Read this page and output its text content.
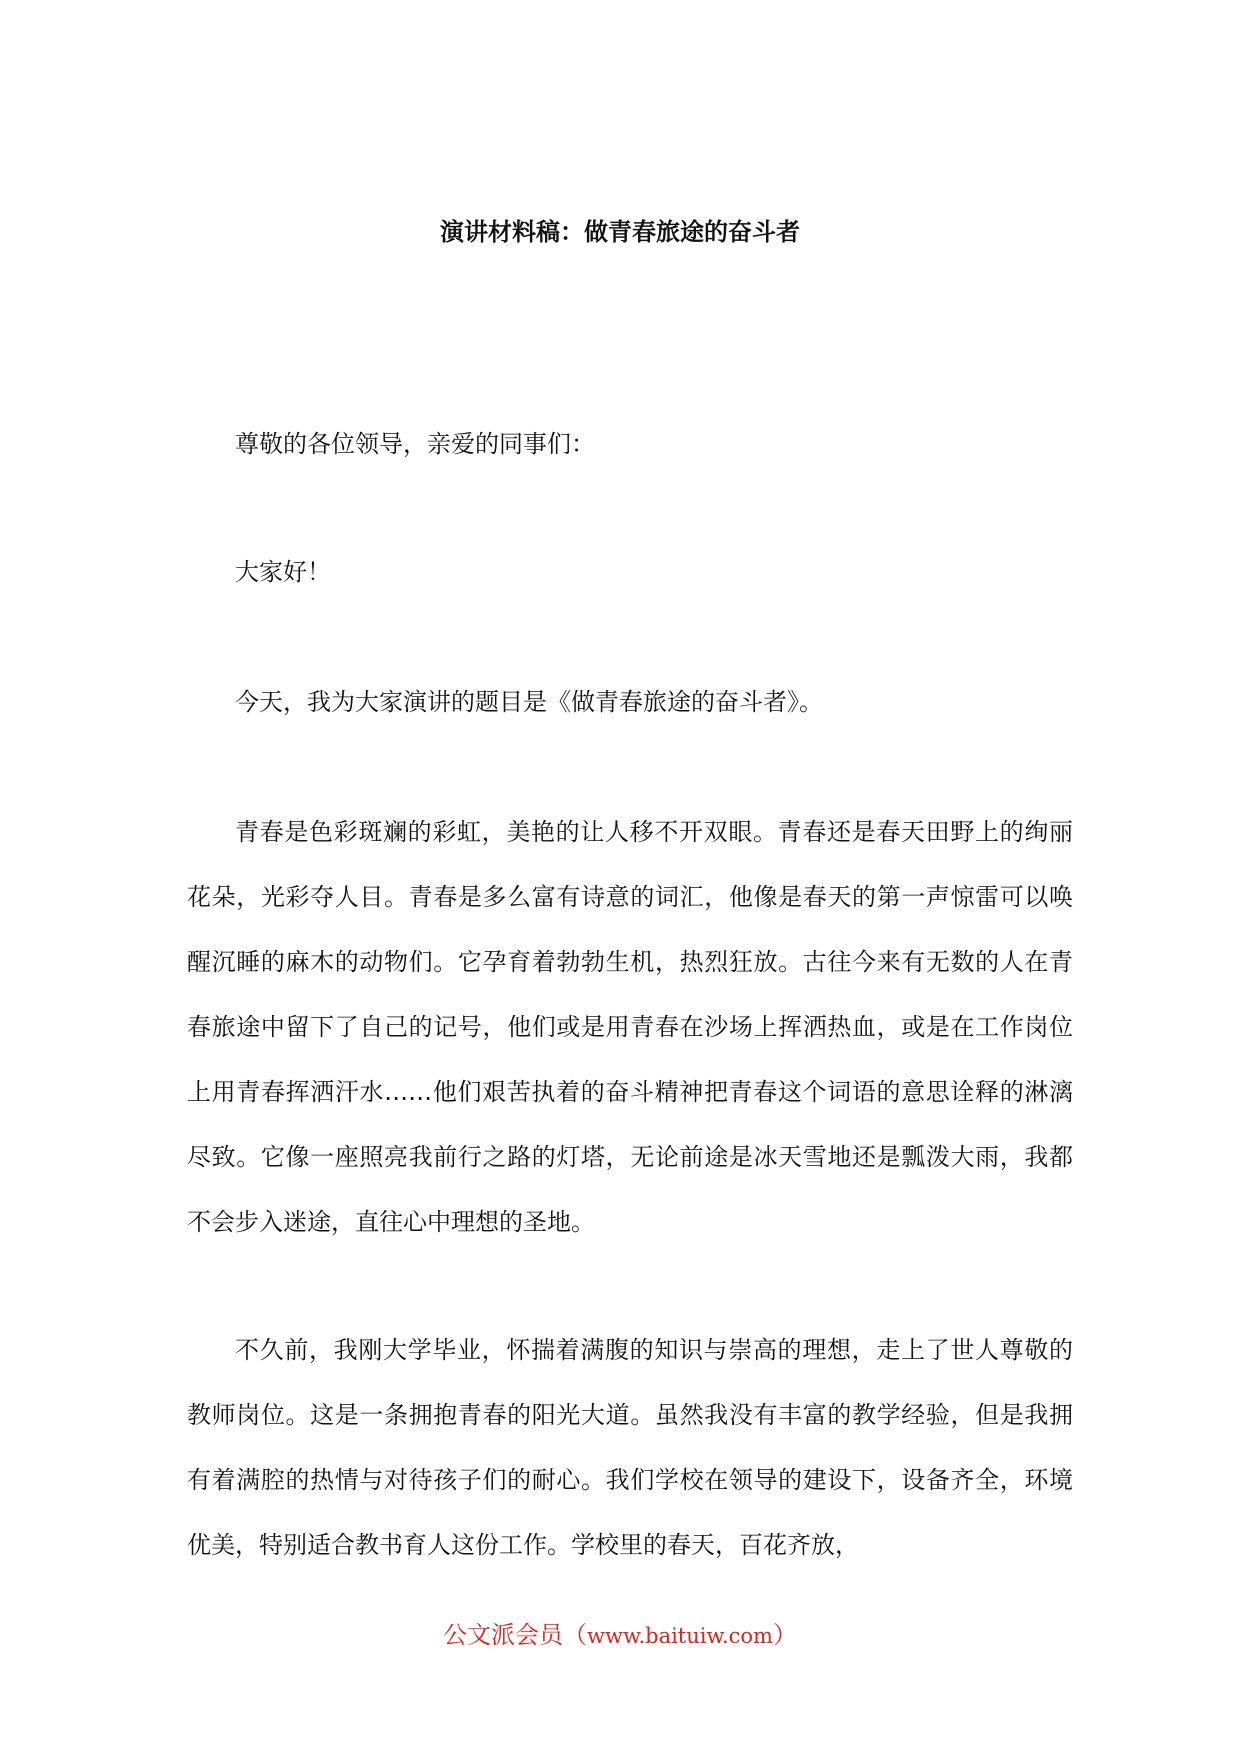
演讲材料稿：做青春旅途的奋斗者

尊敬的各位领导，亲爱的同事们：

大家好！

今天，我为大家演讲的题目是《做青春旅途的奋斗者》。

青春是色彩斑斓的彩虹，美艳的让人移不开双眼。青春还是春天田野上的绚丽花朵，光彩夺人目。青春是多么富有诗意的词汇，他像是春天的第一声惊雷可以唤醒沉睡的麻木的动物们。它孕育着勃勃生机，热烈狂放。古往今来有无数的人在青春旅途中留下了自己的记号，他们或是用青春在沙场上挥洒热血，或是在工作岗位上用青春挥洒汗水……他们艰苦执着的奋斗精神把青春这个词语的意思诠释的淋漓尽致。它像一座照亮我前行之路的灯塔，无论前途是冰天雪地还是瓢泼大雨，我都不会步入迷途，直往心中理想的圣地。

不久前，我刚大学毕业，怀揣着满腹的知识与崇高的理想，走上了世人尊敬的教师岗位。这是一条拥抱青春的阳光大道。虽然我没有丰富的教学经验，但是我拥有着满腔的热情与对待孩子们的耐心。我们学校在领导的建设下，设备齐全，环境优美，特别适合教书育人这份工作。学校里的春天，百花齐放，

公文派会员（www.baituiw.com）
